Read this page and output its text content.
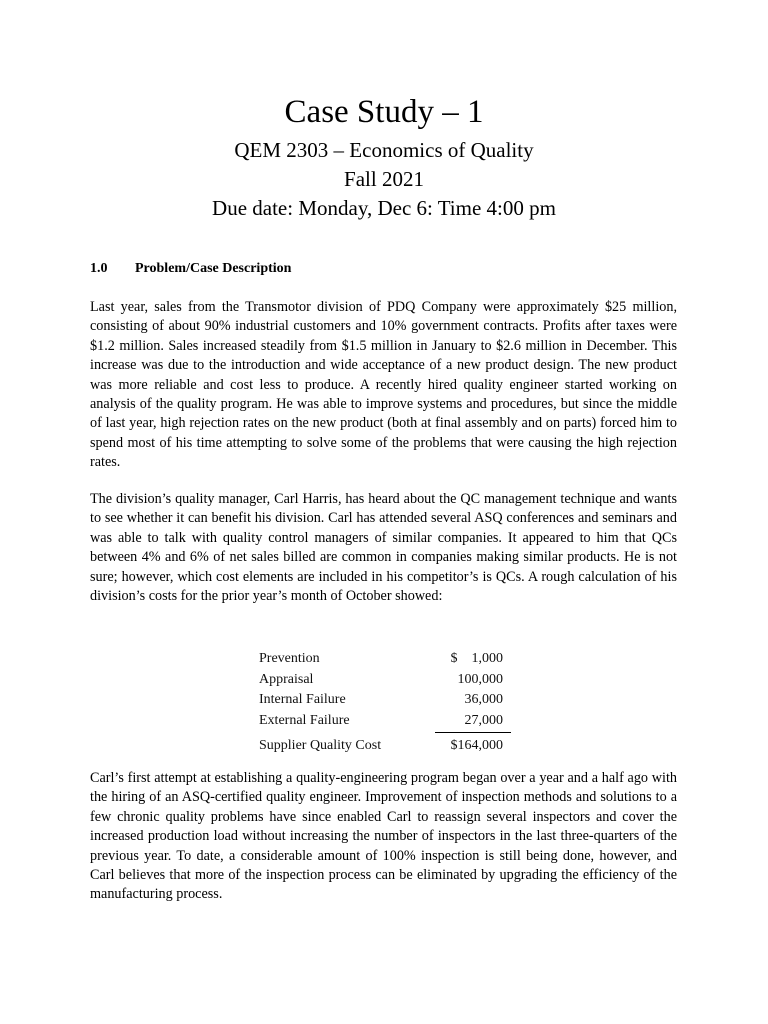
Case Study – 1
QEM 2303 – Economics of Quality
Fall 2021
Due date: Monday, Dec 6: Time 4:00 pm
1.0 Problem/Case Description

Last year, sales from the Transmotor division of PDQ Company were approximately $25 million, consisting of about 90% industrial customers and 10% government contracts. Profits after taxes were $1.2 million. Sales increased steadily from $1.5 million in January to $2.6 million in December. This increase was due to the introduction and wide acceptance of a new product design. The new product was more reliable and cost less to produce. A recently hired quality engineer started working on analysis of the quality program. He was able to improve systems and procedures, but since the middle of last year, high rejection rates on the new product (both at final assembly and on parts) forced him to spend most of his time attempting to solve some of the problems that were causing the high rejection rates.

The division’s quality manager, Carl Harris, has heard about the QC management technique and wants to see whether it can benefit his division. Carl has attended several ASQ conferences and seminars and was able to talk with quality control managers of similar companies. It appeared to him that QCs between 4% and 6% of net sales billed are common in companies making similar products. He is not sure; however, which cost elements are included in his competitor’s is QCs. A rough calculation of his division’s costs for the prior year’s month of October showed:

Prevention	$    1,000
Appraisal	100,000
Internal Failure	36,000
External Failure	27,000
Supplier Quality Cost	$164,000

Carl’s first attempt at establishing a quality-engineering program began over a year and a half ago with the hiring of an ASQ-certified quality engineer. Improvement of inspection methods and solutions to a few chronic quality problems have since enabled Carl to reassign several inspectors and cover the increased production load without increasing the number of inspectors in the last three-quarters of the previous year. To date, a considerable amount of 100% inspection is still being done, however, and Carl believes that more of the inspection process can be eliminated by upgrading the efficiency of the manufacturing process.
